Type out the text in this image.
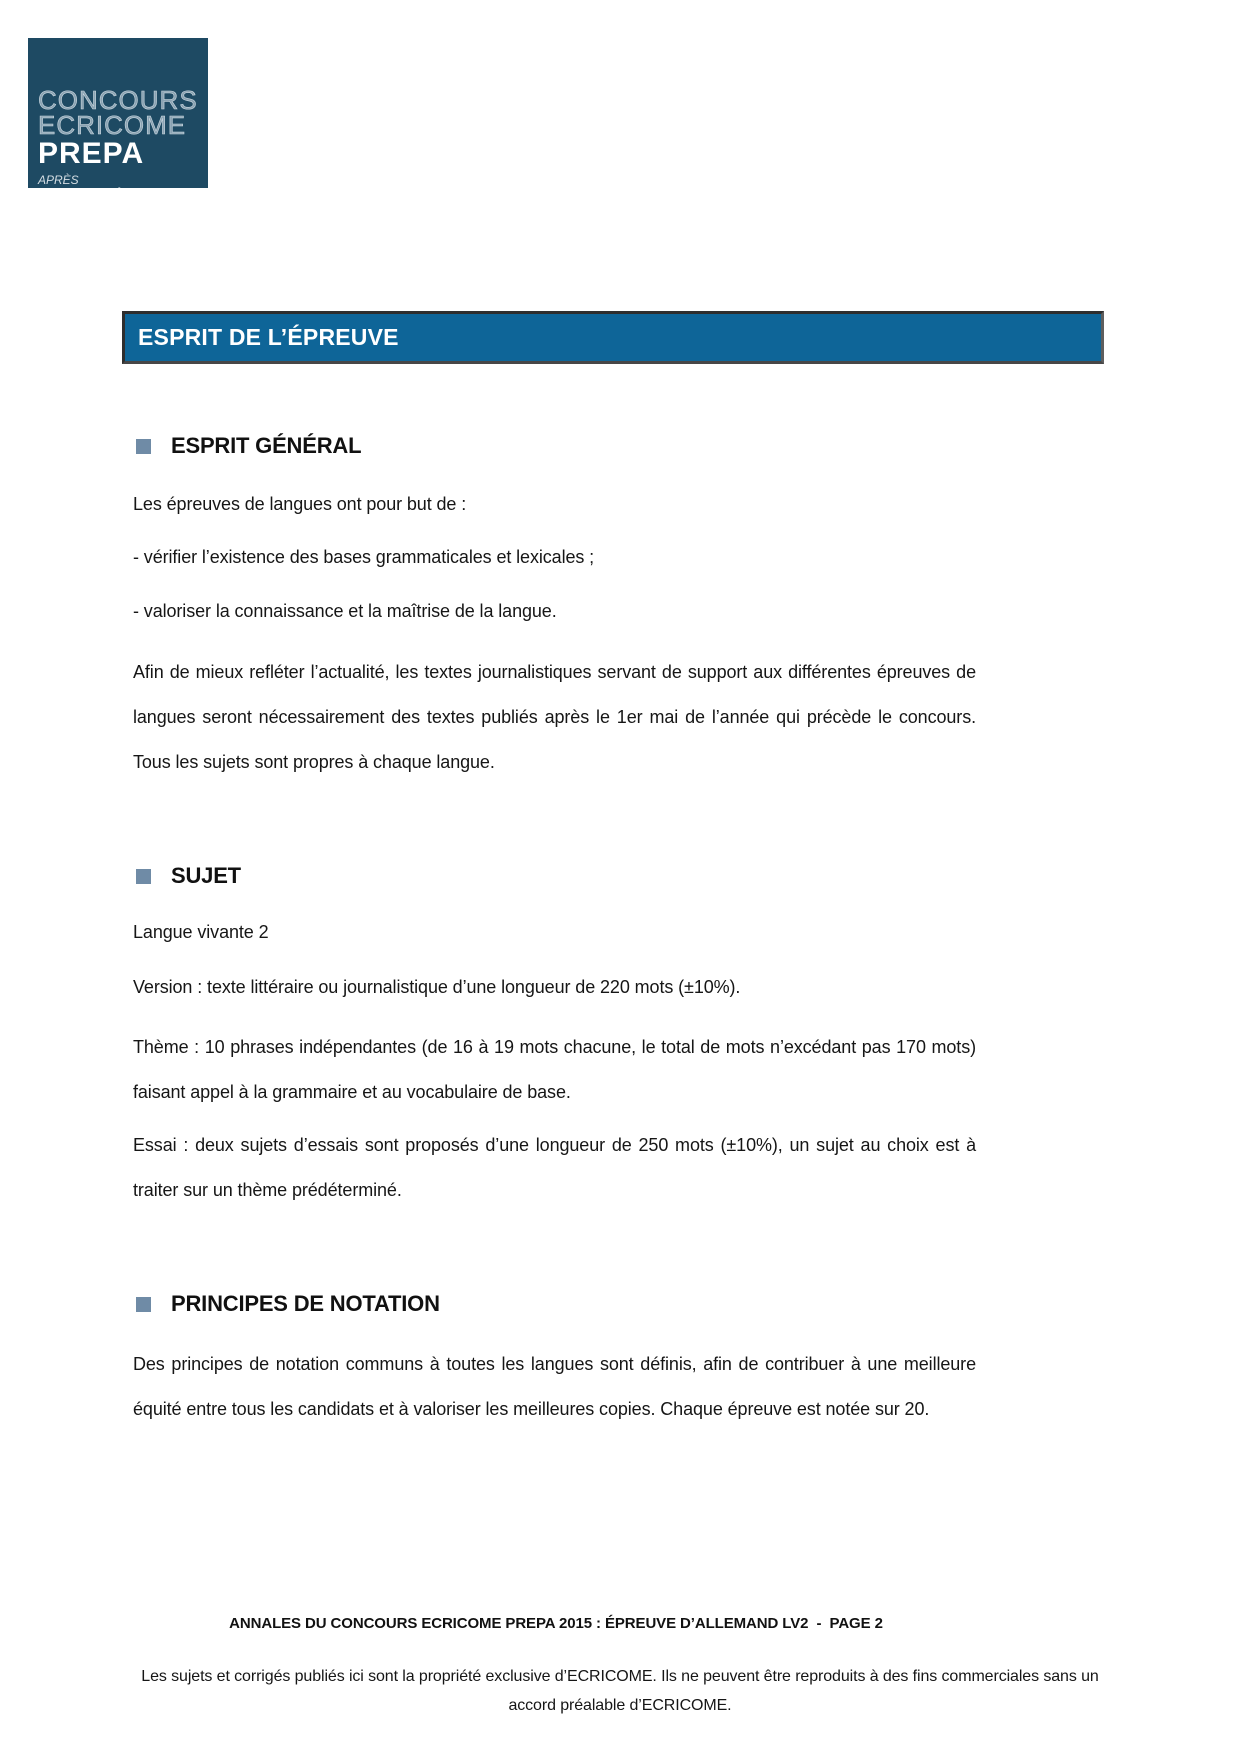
CONCOURS
ECRICOME
PREPA
APRÈS
CLASSE PRÉPARATOIRE
ESPRIT DE L’ÉPREUVE
ESPRIT GÉNÉRAL
Les épreuves de langues ont pour but de :
- vérifier l’existence des bases grammaticales et lexicales ;
- valoriser la connaissance et la maîtrise de la langue.
Afin de mieux refléter l’actualité, les textes journalistiques servant de support aux différentes épreuves de langues seront nécessairement des textes publiés après le 1er mai de l’année qui précède le concours. Tous les sujets sont propres à chaque langue.
SUJET
Langue vivante 2
Version : texte littéraire ou journalistique d’une longueur de 220 mots (±10%).
Thème : 10 phrases indépendantes (de 16 à 19 mots chacune, le total de mots n’excédant pas 170 mots) faisant appel à la grammaire et au vocabulaire de base.
Essai : deux sujets d’essais sont proposés d’une longueur de 250 mots (±10%), un sujet au choix est à traiter sur un thème prédéterminé.
PRINCIPES DE NOTATION
Des principes de notation communs à toutes les langues sont définis, afin de contribuer à une meilleure équité entre tous les candidats et à valoriser les meilleures copies. Chaque épreuve est notée sur 20.
ANNALES DU CONCOURS ECRICOME PREPA 2015 : ÉPREUVE D’ALLEMAND LV2  -  PAGE 2
Les sujets et corrigés publiés ici sont la propriété exclusive d’ECRICOME. Ils ne peuvent être reproduits à des fins commerciales sans un accord préalable d’ECRICOME.
